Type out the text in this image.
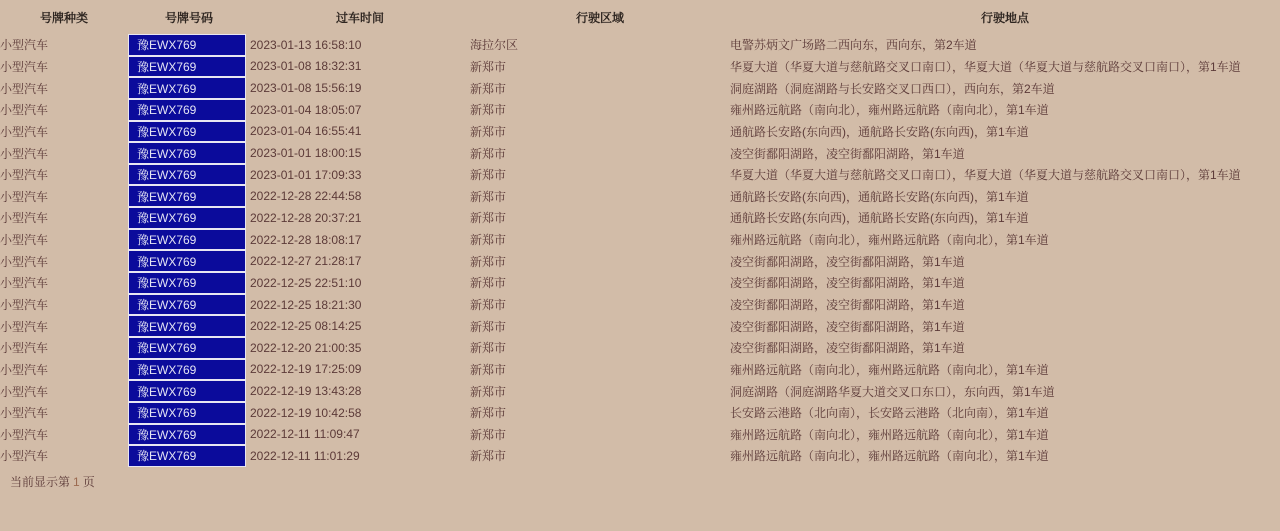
号牌种类	号牌号码	过车时间	行驶区域	行驶地点
小型汽车	豫EWX769	2023-01-13 16:58:10	海拉尔区	电警苏炳文广场路二西向东，西向东，第2车道
小型汽车	豫EWX769	2023-01-08 18:32:31	新郑市	华夏大道（华夏大道与慈航路交叉口南口），华夏大道（华夏大道与慈航路交叉口南口），第1车道
小型汽车	豫EWX769	2023-01-08 15:56:19	新郑市	洞庭湖路（洞庭湖路与长安路交叉口西口），西向东，第2车道
小型汽车	豫EWX769	2023-01-04 18:05:07	新郑市	雍州路远航路（南向北），雍州路远航路（南向北），第1车道
小型汽车	豫EWX769	2023-01-04 16:55:41	新郑市	通航路长安路(东向西)，通航路长安路(东向西)，第1车道
小型汽车	豫EWX769	2023-01-01 18:00:15	新郑市	凌空街鄱阳湖路，凌空街鄱阳湖路，第1车道
小型汽车	豫EWX769	2023-01-01 17:09:33	新郑市	华夏大道（华夏大道与慈航路交叉口南口），华夏大道（华夏大道与慈航路交叉口南口），第1车道
小型汽车	豫EWX769	2022-12-28 22:44:58	新郑市	通航路长安路(东向西)，通航路长安路(东向西)，第1车道
小型汽车	豫EWX769	2022-12-28 20:37:21	新郑市	通航路长安路(东向西)，通航路长安路(东向西)，第1车道
小型汽车	豫EWX769	2022-12-28 18:08:17	新郑市	雍州路远航路（南向北），雍州路远航路（南向北），第1车道
小型汽车	豫EWX769	2022-12-27 21:28:17	新郑市	凌空街鄱阳湖路，凌空街鄱阳湖路，第1车道
小型汽车	豫EWX769	2022-12-25 22:51:10	新郑市	凌空街鄱阳湖路，凌空街鄱阳湖路，第1车道
小型汽车	豫EWX769	2022-12-25 18:21:30	新郑市	凌空街鄱阳湖路，凌空街鄱阳湖路，第1车道
小型汽车	豫EWX769	2022-12-25 08:14:25	新郑市	凌空街鄱阳湖路，凌空街鄱阳湖路，第1车道
小型汽车	豫EWX769	2022-12-20 21:00:35	新郑市	凌空街鄱阳湖路，凌空街鄱阳湖路，第1车道
小型汽车	豫EWX769	2022-12-19 17:25:09	新郑市	雍州路远航路（南向北），雍州路远航路（南向北），第1车道
小型汽车	豫EWX769	2022-12-19 13:43:28	新郑市	洞庭湖路（洞庭湖路华夏大道交叉口东口），东向西，第1车道
小型汽车	豫EWX769	2022-12-19 10:42:58	新郑市	长安路云港路（北向南），长安路云港路（北向南），第1车道
小型汽车	豫EWX769	2022-12-11 11:09:47	新郑市	雍州路远航路（南向北），雍州路远航路（南向北），第1车道
小型汽车	豫EWX769	2022-12-11 11:01:29	新郑市	雍州路远航路（南向北），雍州路远航路（南向北），第1车道
当前显示第 1 页
